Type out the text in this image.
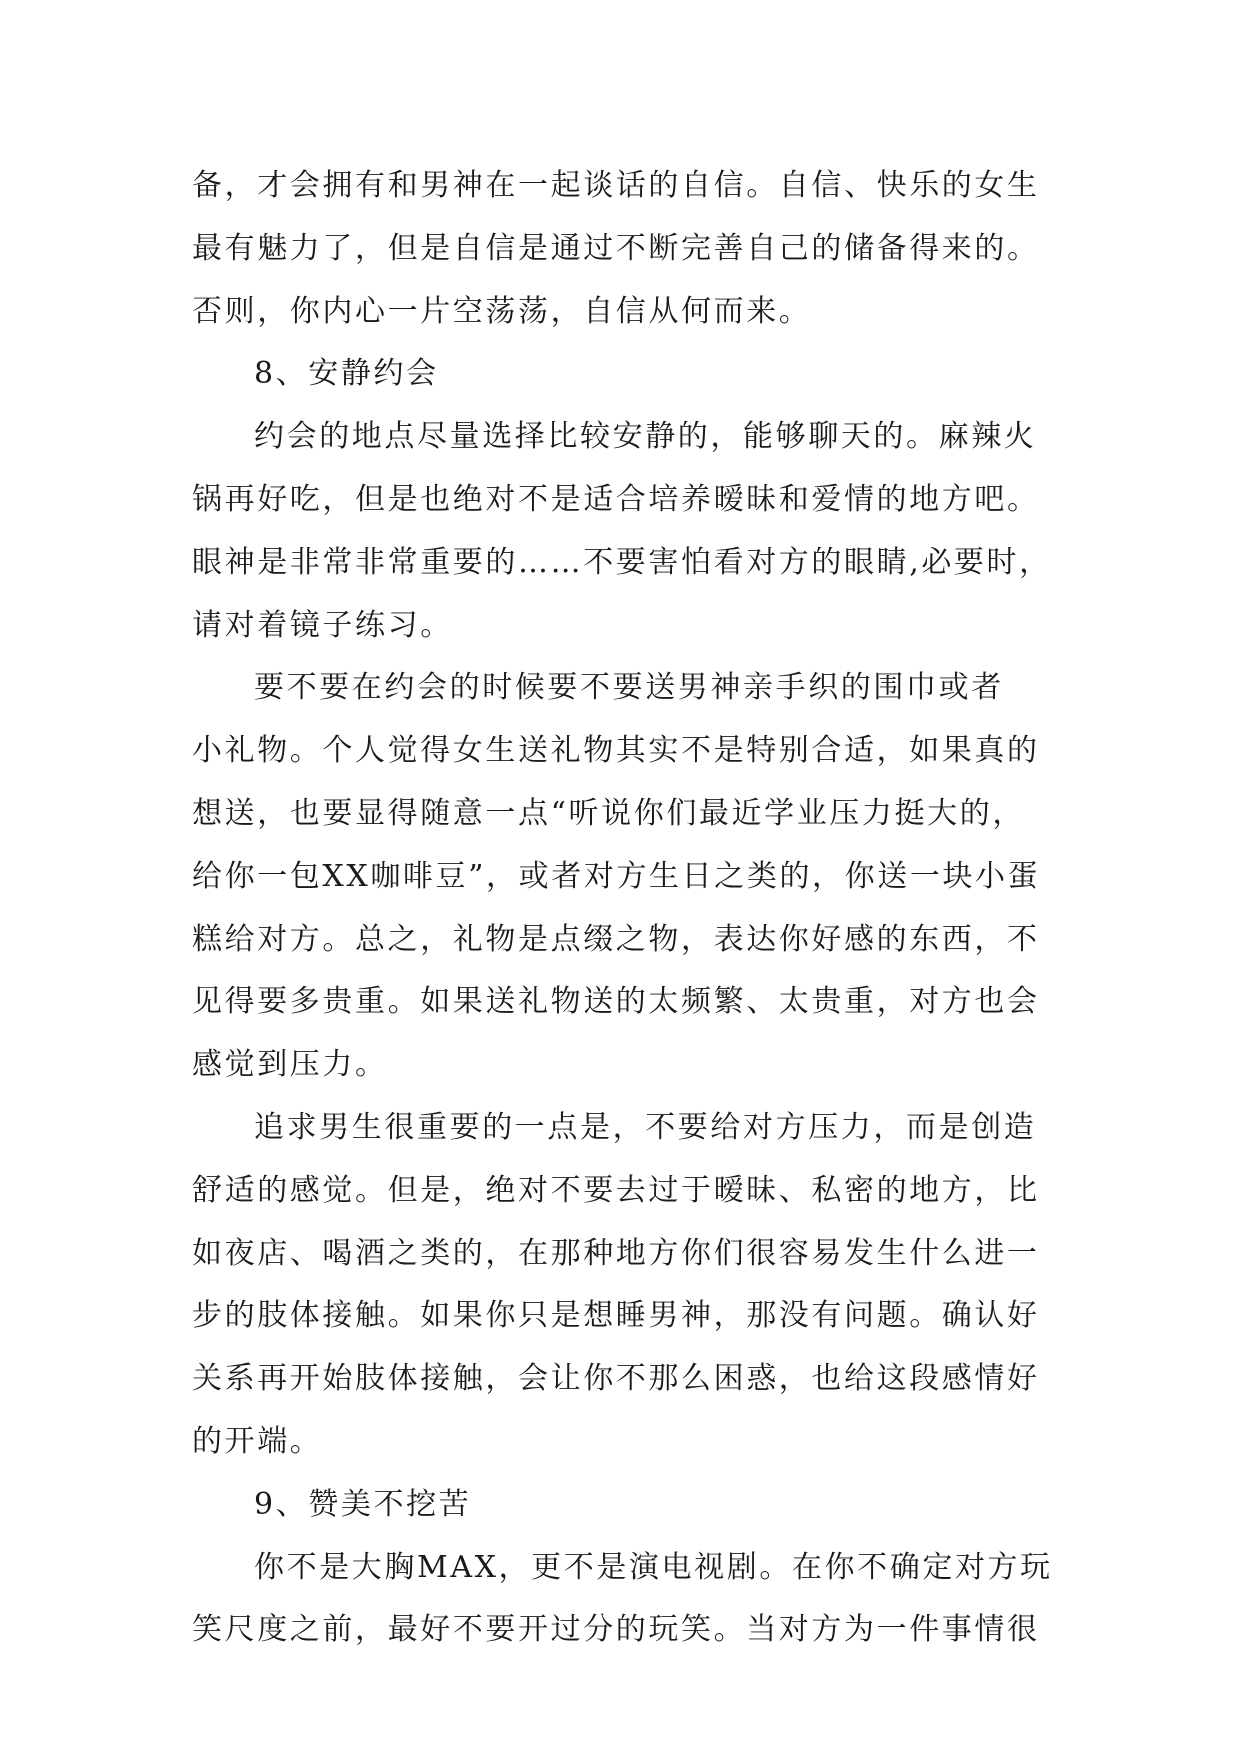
备，才会拥有和男神在一起谈话的自信。自信、快乐的女生
最有魅力了，但是自信是通过不断完善自己的储备得来的。
否则，你内心一片空荡荡，自信从何而来。
8、安静约会
约会的地点尽量选择比较安静的，能够聊天的。麻辣火
锅再好吃，但是也绝对不是适合培养暧昧和爱情的地方吧。
眼神是非常非常重要的……不要害怕看对方的眼睛,必要时，
请对着镜子练习。
要不要在约会的时候要不要送男神亲手织的围巾或者
小礼物。个人觉得女生送礼物其实不是特别合适，如果真的
想送，也要显得随意一点“听说你们最近学业压力挺大的，
给你一包XX咖啡豆”，或者对方生日之类的，你送一块小蛋
糕给对方。总之，礼物是点缀之物，表达你好感的东西，不
见得要多贵重。如果送礼物送的太频繁、太贵重，对方也会
感觉到压力。
追求男生很重要的一点是，不要给对方压力，而是创造
舒适的感觉。但是，绝对不要去过于暧昧、私密的地方，比
如夜店、喝酒之类的，在那种地方你们很容易发生什么进一
步的肢体接触。如果你只是想睡男神，那没有问题。确认好
关系再开始肢体接触，会让你不那么困惑，也给这段感情好
的开端。
9、赞美不挖苦
你不是大胸MAX，更不是演电视剧。在你不确定对方玩
笑尺度之前，最好不要开过分的玩笑。当对方为一件事情很
